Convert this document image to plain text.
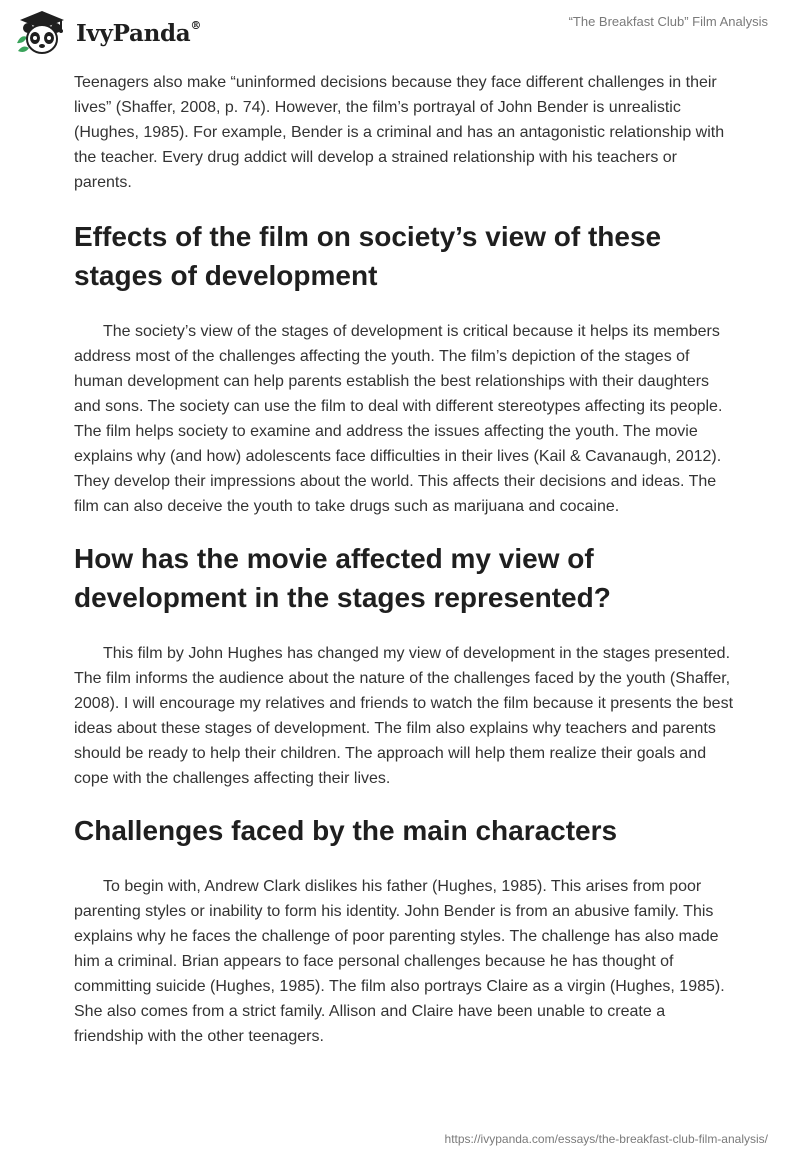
IvyPanda®	“The Breakfast Club” Film Analysis

Teenagers also make “uninformed decisions because they face different challenges in their lives” (Shaffer, 2008, p. 74). However, the film’s portrayal of John Bender is unrealistic (Hughes, 1985). For example, Bender is a criminal and has an antagonistic relationship with the teacher. Every drug addict will develop a strained relationship with his teachers or parents.

Effects of the film on society’s view of these stages of development

The society’s view of the stages of development is critical because it helps its members address most of the challenges affecting the youth. The film’s depiction of the stages of human development can help parents establish the best relationships with their daughters and sons. The society can use the film to deal with different stereotypes affecting its people. The film helps society to examine and address the issues affecting the youth. The movie explains why (and how) adolescents face difficulties in their lives (Kail & Cavanaugh, 2012). They develop their impressions about the world. This affects their decisions and ideas. The film can also deceive the youth to take drugs such as marijuana and cocaine.

How has the movie affected my view of development in the stages represented?

This film by John Hughes has changed my view of development in the stages presented. The film informs the audience about the nature of the challenges faced by the youth (Shaffer, 2008). I will encourage my relatives and friends to watch the film because it presents the best ideas about these stages of development. The film also explains why teachers and parents should be ready to help their children. The approach will help them realize their goals and cope with the challenges affecting their lives.

Challenges faced by the main characters

To begin with, Andrew Clark dislikes his father (Hughes, 1985). This arises from poor parenting styles or inability to form his identity. John Bender is from an abusive family. This explains why he faces the challenge of poor parenting styles. The challenge has also made him a criminal. Brian appears to face personal challenges because he has thought of committing suicide (Hughes, 1985). The film also portrays Claire as a virgin (Hughes, 1985). She also comes from a strict family. Allison and Claire have been unable to create a friendship with the other teenagers.

https://ivypanda.com/essays/the-breakfast-club-film-analysis/
